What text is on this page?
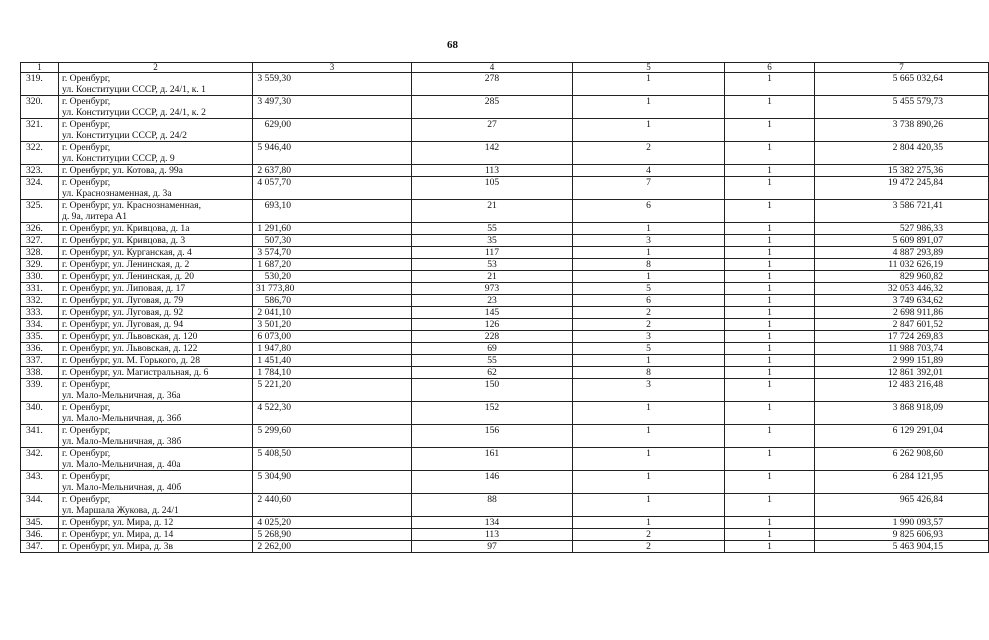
68
1	2	3	4	5	6	7
319.	г. Оренбург,
ул. Конституции СССР, д. 24/1, к. 1	3 559,30	278	1	1	5 665 032,64
320.	г. Оренбург,
ул. Конституции СССР, д. 24/1, к. 2	3 497,30	285	1	1	5 455 579,73
321.	г. Оренбург,
ул. Конституции СССР, д. 24/2	629,00	27	1	1	3 738 890,26
322.	г. Оренбург,
ул. Конституции СССР, д. 9	5 946,40	142	2	1	2 804 420,35
323.	г. Оренбург, ул. Котова, д. 99а	2 637,80	113	4	1	15 382 275,36
324.	г. Оренбург,
ул. Краснознаменная, д. 3а	4 057,70	105	7	1	19 472 245,84
325.	г. Оренбург, ул. Краснознаменная,
д. 9а, литера А1	693,10	21	6	1	3 586 721,41
326.	г. Оренбург, ул. Кривцова, д. 1а	1 291,60	55	1	1	527 986,33
327.	г. Оренбург, ул. Кривцова, д. 3	507,30	35	3	1	5 609 891,07
328.	г. Оренбург, ул. Курганская, д. 4	3 574,70	117	1	1	4 887 293,89
329.	г. Оренбург, ул. Ленинская, д. 2	1 687,20	53	8	1	11 032 626,19
330.	г. Оренбург, ул. Ленинская, д. 20	530,20	21	1	1	829 960,82
331.	г. Оренбург, ул. Липовая, д. 17	31 773,80	973	5	1	32 053 446,32
332.	г. Оренбург, ул. Луговая, д. 79	586,70	23	6	1	3 749 634,62
333.	г. Оренбург, ул. Луговая, д. 92	2 041,10	145	2	1	2 698 911,86
334.	г. Оренбург, ул. Луговая, д. 94	3 501,20	126	2	1	2 847 601,52
335.	г. Оренбург, ул. Львовская, д. 120	6 073,00	228	3	1	17 724 269,83
336.	г. Оренбург, ул. Львовская, д. 122	1 947,80	69	5	1	11 988 703,74
337.	г. Оренбург, ул. М. Горького, д. 28	1 451,40	55	1	1	2 999 151,89
338.	г. Оренбург, ул. Магистральная, д. 6	1 784,10	62	8	1	12 861 392,01
339.	г. Оренбург,
ул. Мало-Мельничная, д. 36а	5 221,20	150	3	1	12 483 216,48
340.	г. Оренбург,
ул. Мало-Мельничная, д. 36б	4 522,30	152	1	1	3 868 918,09
341.	г. Оренбург,
ул. Мало-Мельничная, д. 38б	5 299,60	156	1	1	6 129 291,04
342.	г. Оренбург,
ул. Мало-Мельничная, д. 40а	5 408,50	161	1	1	6 262 908,60
343.	г. Оренбург,
ул. Мало-Мельничная, д. 40б	5 304,90	146	1	1	6 284 121,95
344.	г. Оренбург,
ул. Маршала Жукова, д. 24/1	2 440,60	88	1	1	965 426,84
345.	г. Оренбург, ул. Мира, д. 12	4 025,20	134	1	1	1 990 093,57
346.	г. Оренбург, ул. Мира, д. 14	5 268,90	113	2	1	9 825 606,93
347.	г. Оренбург, ул. Мира, д. 3в	2 262,00	97	2	1	5 463 904,15
